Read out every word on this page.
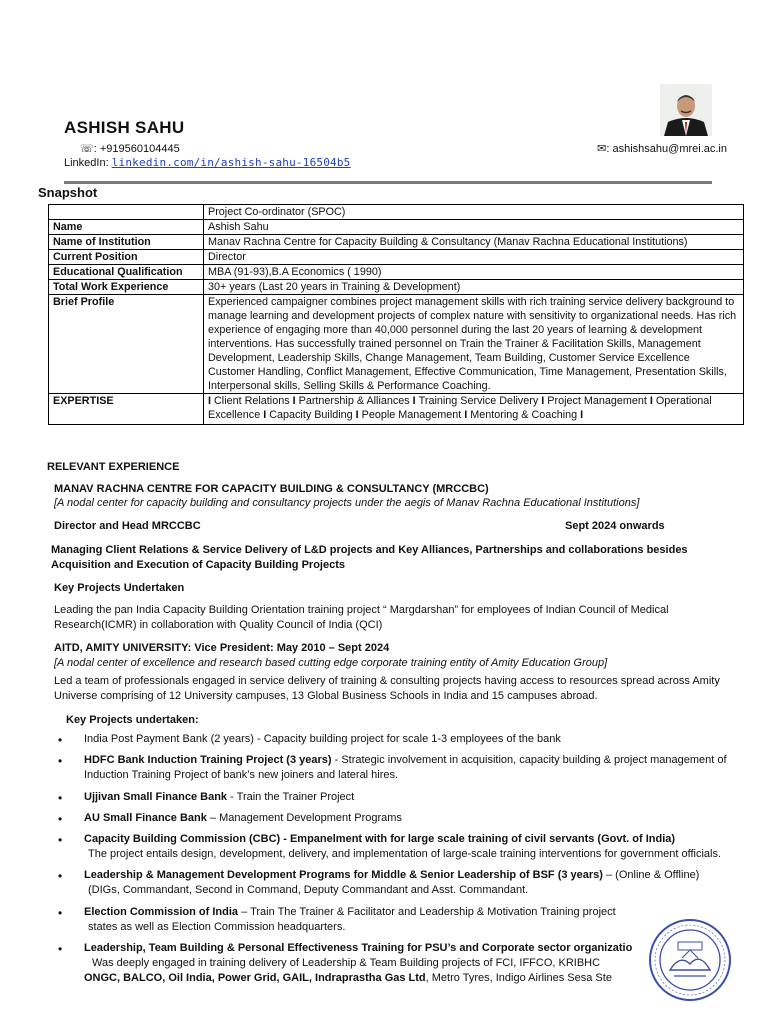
ASHISH SAHU
☏: +919560104445	✉: ashishsahu@mrei.ac.in
LinkedIn: linkedin.com/in/ashish-sahu-16504b5
Snapshot
	Project Co-ordinator (SPOC)
Name	Ashish Sahu
Name of Institution	Manav Rachna Centre for Capacity Building & Consultancy (Manav Rachna Educational Institutions)
Current Position	Director
Educational Qualification	MBA (91-93),B.A Economics ( 1990)
Total Work Experience	30+ years (Last 20 years in Training & Development)
Brief Profile	Experienced campaigner combines project management skills with rich training service delivery background to manage learning and development projects of complex nature with sensitivity to organizational needs. Has rich experience of engaging more than 40,000 personnel during the last 20 years of learning & development interventions. Has successfully trained personnel on Train the Trainer & Facilitation Skills, Management Development, Leadership Skills, Change Management, Team Building, Customer Service Excellence Customer Handling, Conflict Management, Effective Communication, Time Management, Presentation Skills, Interpersonal skills, Selling Skills & Performance Coaching.
EXPERTISE	I Client Relations I Partnership & Alliances I Training Service Delivery I Project Management I Operational Excellence I Capacity Building I People Management I Mentoring & Coaching I
RELEVANT EXPERIENCE
MANAV RACHNA CENTRE FOR CAPACITY BUILDING & CONSULTANCY (MRCCBC)
[A nodal center for capacity building and consultancy projects under the aegis of Manav Rachna Educational Institutions]
Director and Head MRCCBC	Sept 2024 onwards
Managing Client Relations & Service Delivery of L&D projects and Key Alliances, Partnerships and collaborations besides Acquisition and Execution of Capacity Building Projects
Key Projects Undertaken
Leading the pan India Capacity Building Orientation training project “ Margdarshan” for employees of Indian Council of Medical Research(ICMR) in collaboration with Quality Council of India (QCI)
AITD, AMITY UNIVERSITY: Vice President: May 2010 – Sept 2024
[A nodal center of excellence and research based cutting edge corporate training entity of Amity Education Group]
Led a team of professionals engaged in service delivery of training & consulting projects having access to resources spread across Amity Universe comprising of 12 University campuses, 13 Global Business Schools in India and 15 campuses abroad.
Key Projects undertaken:
• India Post Payment Bank (2 years) - Capacity building project for scale 1-3 employees of the bank
• HDFC Bank Induction Training Project (3 years) - Strategic involvement in acquisition, capacity building & project management of Induction Training Project of bank’s new joiners and lateral hires.
• Ujjivan Small Finance Bank - Train the Trainer Project
• AU Small Finance Bank – Management Development Programs
• Capacity Building Commission (CBC) - Empanelment with for large scale training of civil servants (Govt. of India)
The project entails design, development, delivery, and implementation of large-scale training interventions for government officials.
• Leadership & Management Development Programs for Middle & Senior Leadership of BSF (3 years) – (Online & Offline)
(DIGs, Commandant, Second in Command, Deputy Commandant and Asst. Commandant.
• Election Commission of India – Train The Trainer & Facilitator and Leadership & Motivation Training project
states as well as Election Commission headquarters.
• Leadership, Team Building & Personal Effectiveness Training for PSU’s and Corporate sector organizatio
Was deeply engaged in training delivery of Leadership & Team Building projects of FCI, IFFCO, KRIBHC
ONGC, BALCO, Oil India, Power Grid, GAIL, Indraprastha Gas Ltd, Metro Tyres, Indigo Airlines Sesa Ste
